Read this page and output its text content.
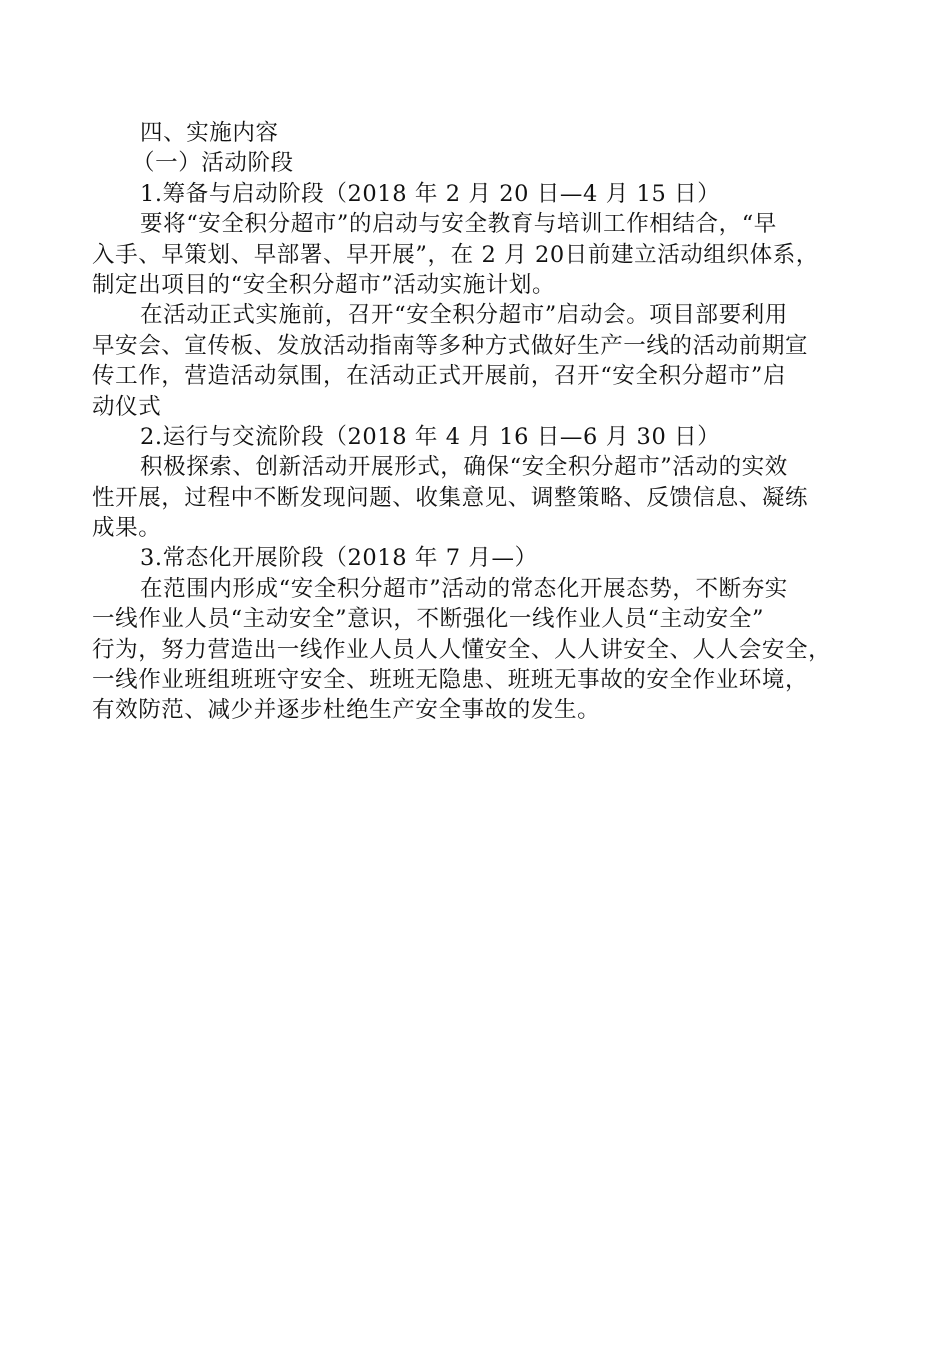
四、实施内容
（一）活动阶段
1.筹备与启动阶段（2018 年 2 月 20 日—4 月 15 日）
要将“安全积分超市”的启动与安全教育与培训工作相结合，“早
入手、早策划、早部署、早开展”，在 2 月 20日前建立活动组织体系，
制定出项目的“安全积分超市”活动实施计划。
在活动正式实施前，召开“安全积分超市”启动会。项目部要利用
早安会、宣传板、发放活动指南等多种方式做好生产一线的活动前期宣
传工作，营造活动氛围，在活动正式开展前，召开“安全积分超市”启
动仪式
2.运行与交流阶段（2018 年 4 月 16 日—6 月 30 日）
积极探索、创新活动开展形式，确保“安全积分超市”活动的实效
性开展，过程中不断发现问题、收集意见、调整策略、反馈信息、凝练
成果。
3.常态化开展阶段（2018 年 7 月—）
在范围内形成“安全积分超市”活动的常态化开展态势，不断夯实
一线作业人员“主动安全”意识，不断强化一线作业人员“主动安全”
行为，努力营造出一线作业人员人人懂安全、人人讲安全、人人会安全，
一线作业班组班班守安全、班班无隐患、班班无事故的安全作业环境，
有效防范、减少并逐步杜绝生产安全事故的发生。
